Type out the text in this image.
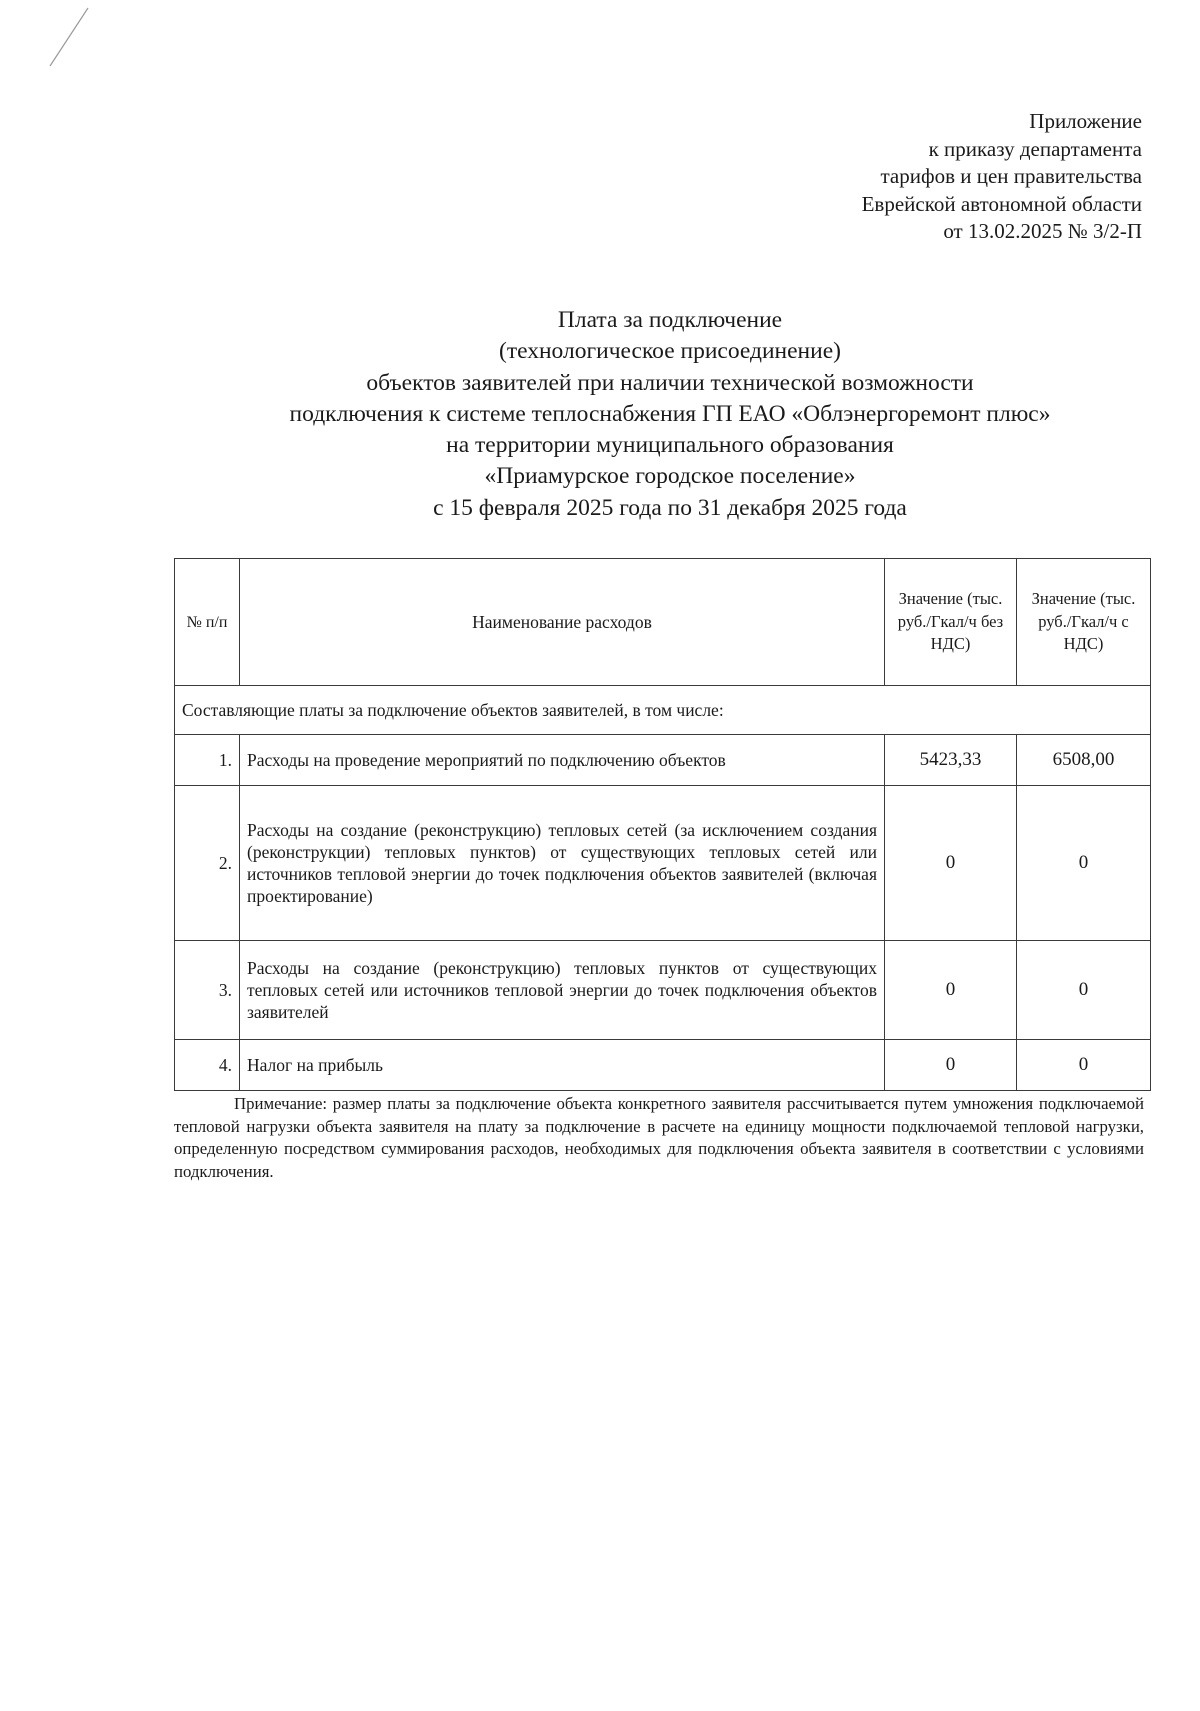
Приложение
к приказу департамента
тарифов и цен правительства
Еврейской автономной области
от 13.02.2025 № 3/2-П
Плата за подключение
(технологическое присоединение)
объектов заявителей при наличии технической возможности
подключения к системе теплоснабжения ГП ЕАО «Облэнергоремонт плюс»
на территории муниципального образования
«Приамурское городское поселение»
с 15 февраля 2025 года по 31 декабря 2025 года
№ п/п	Наименование расходов	Значение (тыс. руб./Гкал/ч без НДС)	Значение (тыс. руб./Гкал/ч с НДС)
Составляющие платы за подключение объектов заявителей, в том числе:			
1.	Расходы на проведение мероприятий по подключению объектов	5423,33	6508,00
2.	Расходы на создание (реконструкцию) тепловых сетей (за исключением создания (реконструкции) тепловых пунктов) от существующих тепловых сетей или источников тепловой энергии до точек подключения объектов заявителей (включая проектирование)	0	0
3.	Расходы на создание (реконструкцию) тепловых пунктов от существующих тепловых сетей или источников тепловой энергии до точек подключения объектов заявителей	0	0
4.	Налог на прибыль	0	0
Примечание: размер платы за подключение объекта конкретного заявителя рассчитывается путем умножения подключаемой тепловой нагрузки объекта заявителя на плату за подключение в расчете на единицу мощности подключаемой тепловой нагрузки, определенную посредством суммирования расходов, необходимых для подключения объекта заявителя в соответствии с условиями подключения.
